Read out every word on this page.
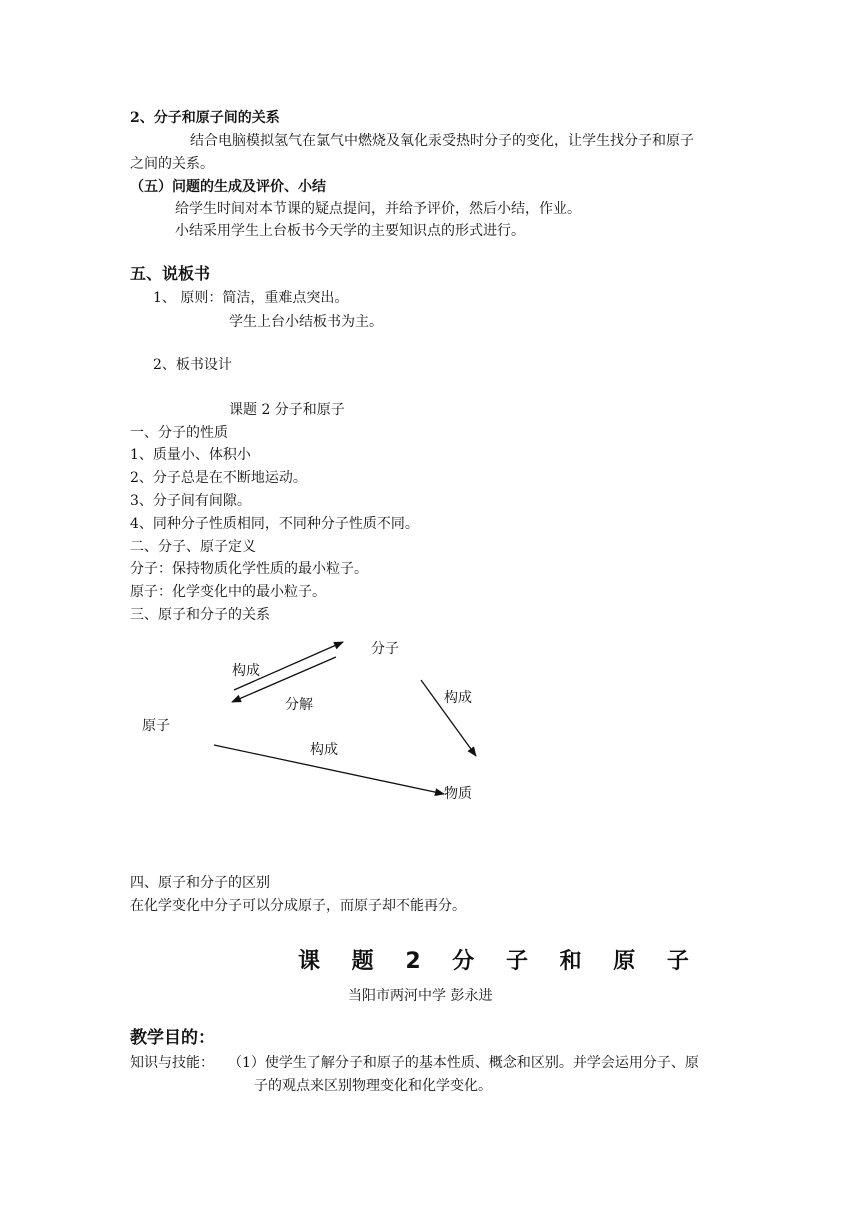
2、分子和原子间的关系
结合电脑模拟氢气在氯气中燃烧及氧化汞受热时分子的变化，让学生找分子和原子
之间的关系。
（五）问题的生成及评价、小结
给学生时间对本节课的疑点提问，并给予评价，然后小结，作业。
小结采用学生上台板书今天学的主要知识点的形式进行。
五、说板书
1、 原则：简洁，重难点突出。
学生上台小结板书为主。
2、板书设计
课题 2 分子和原子
一、分子的性质
1、质量小、体积小
2、分子总是在不断地运动。
3、分子间有间隙。
4、同种分子性质相同，不同种分子性质不同。
二、分子、原子定义
分子：保持物质化学性质的最小粒子。
原子：化学变化中的最小粒子。
三、原子和分子的关系
分子
原子
物质
构成
分解	构成
构成
四、原子和分子的区别
在化学变化中分子可以分成原子，而原子却不能再分。
课 题 2 分 子 和 原 子
当阳市两河中学 彭永进
教学目的：
知识与技能： （1）使学生了解分子和原子的基本性质、概念和区别。并学会运用分子、原
子的观点来区别物理变化和化学变化。
